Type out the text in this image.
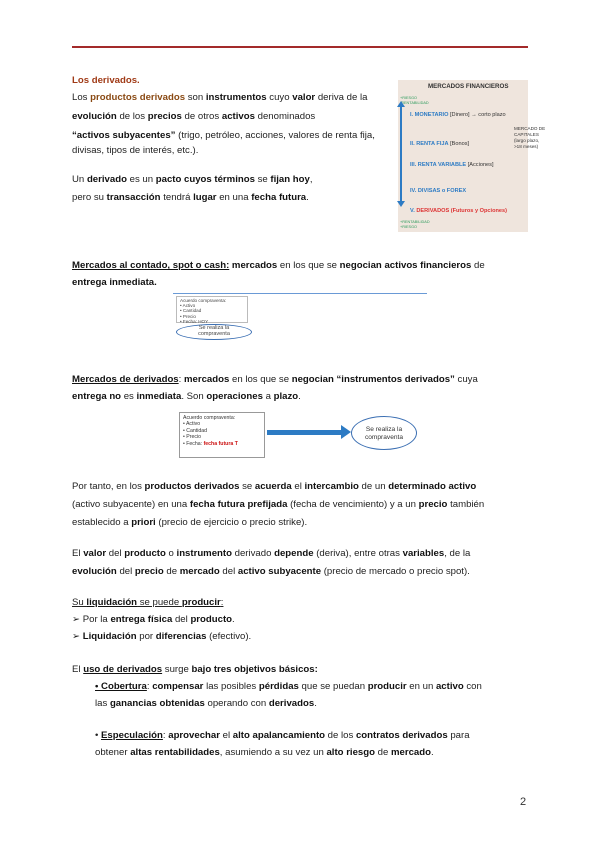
Los derivados.
Los productos derivados son instrumentos cuyo valor deriva de la
evolución de los precios de otros activos denominados
“activos subyacentes” (trigo, petróleo, acciones, valores de renta fija,
divisas, tipos de interés, etc.).
Un derivado es un pacto cuyos términos se fijan hoy,
pero su transacción tendrá lugar en una fecha futura.
MERCADOS FINANCIEROS
+RIESGO
-RENTABILIDAD
I. MONETARIO [Dinero] → corto plazo
II. RENTA FIJA [Bonos]
III. RENTA VARIABLE [Acciones]
IV. DIVISAS o FOREX
V. DERIVADOS (Futuros y Opciones)
MERCADO DE
CAPITALES
(largo plazo,
>18 meses)
+RENTABILIDAD
+RIESGO
Mercados al contado, spot o cash: mercados en los que se negocian activos financieros de
entrega inmediata.
Acuerdo compraventa:
• Activo
• Cantidad
• Precio
• Fecha: HOY
Se realiza la
compraventa
Mercados de derivados: mercados en los que se negocian “instrumentos derivados” cuya
entrega no es inmediata. Son operaciones a plazo.
Acuerdo compraventa:
• Activo
• Cantidad
• Precio
• Fecha: fecha futura T
Se realiza la
compraventa
Por tanto, en los productos derivados se acuerda el intercambio de un determinado activo
(activo subyacente) en una fecha futura prefijada (fecha de vencimiento) y a un precio también
establecido a priori (precio de ejercicio o precio strike).
El valor del producto o instrumento derivado depende (deriva), entre otras variables, de la
evolución del precio de mercado del activo subyacente (precio de mercado o precio spot).
Su liquidación se puede producir:
➢ Por la entrega física del producto.
➢ Liquidación por diferencias (efectivo).
El uso de derivados surge bajo tres objetivos básicos:
• Cobertura: compensar las posibles pérdidas que se puedan producir en un activo con
las ganancias obtenidas operando con derivados.
• Especulación: aprovechar el alto apalancamiento de los contratos derivados para
obtener altas rentabilidades, asumiendo a su vez un alto riesgo de mercado.
2
